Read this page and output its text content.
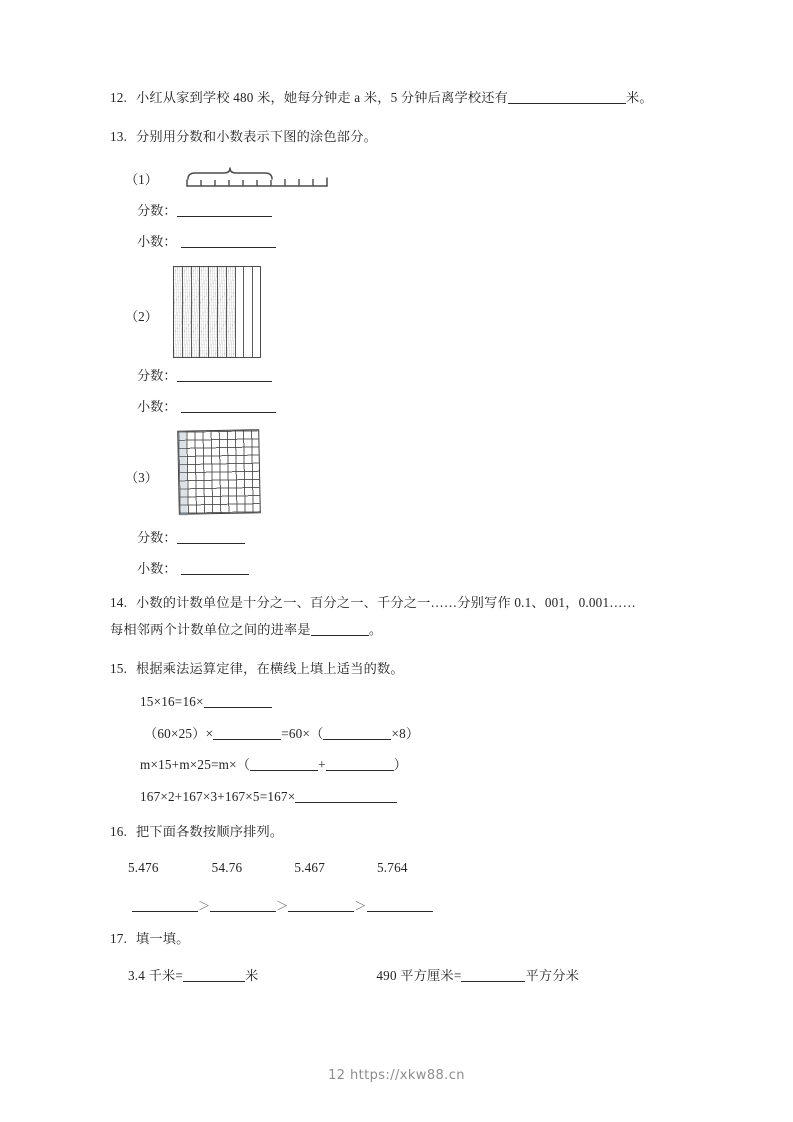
12. 小红从家到学校 480 米，她每分钟走 a 米，5 分钟后离学校还有	米。
13. 分别用分数和小数表示下图的涂色部分。
（1）
分数：
小数：
（2）
分数：
小数：
（3）
分数：
小数：
14. 小数的计数单位是十分之一、百分之一、千分之一……分别写作 0.1、001，0.001……
每相邻两个计数单位之间的进率是	。
15. 根据乘法运算定律，在横线上填上适当的数。
15×16=16×
（60×25）×	=60×（	×8）
m×15+m×25=m×（	+	）
167×2+167×3+167×5=167×
16. 把下面各数按顺序排列。
5.476	54.76	5.467	5.764
＞	＞	＞
17. 填一填。
3.4 千米=	米	490 平方厘米=	平方分米
12 https://xkw88.cn
